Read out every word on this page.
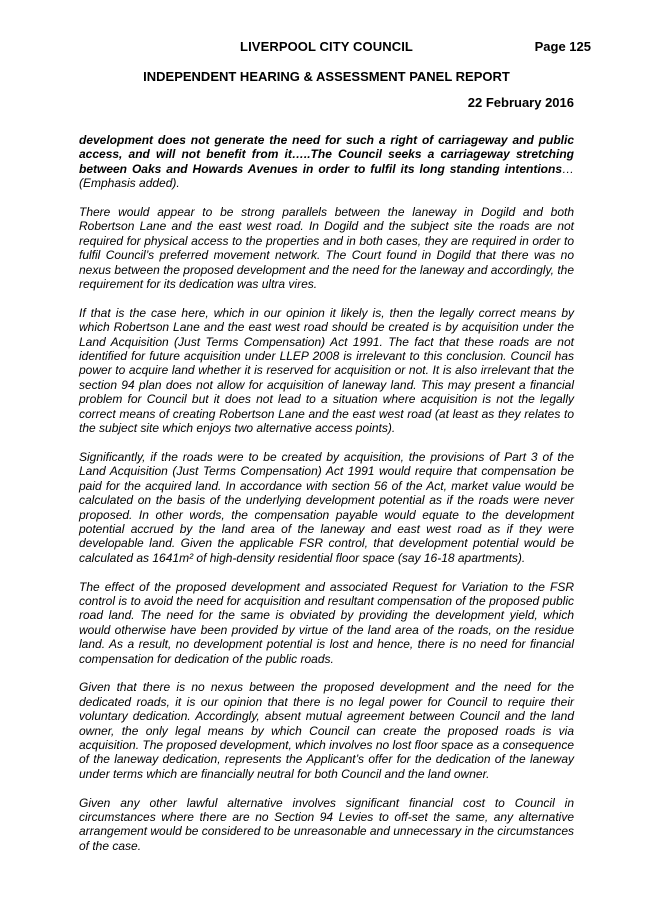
LIVERPOOL CITY COUNCIL	Page 125
INDEPENDENT HEARING & ASSESSMENT PANEL REPORT
22 February 2016

development does not generate the need for such a right of carriageway and public access, and will not benefit from it…..The Council seeks a carriageway stretching between Oaks and Howards Avenues in order to fulfil its long standing intentions… (Emphasis added).

There would appear to be strong parallels between the laneway in Dogild and both Robertson Lane and the east west road. In Dogild and the subject site the roads are not required for physical access to the properties and in both cases, they are required in order to fulfil Council’s preferred movement network. The Court found in Dogild that there was no nexus between the proposed development and the need for the laneway and accordingly, the requirement for its dedication was ultra vires.

If that is the case here, which in our opinion it likely is, then the legally correct means by which Robertson Lane and the east west road should be created is by acquisition under the Land Acquisition (Just Terms Compensation) Act 1991. The fact that these roads are not identified for future acquisition under LLEP 2008 is irrelevant to this conclusion. Council has power to acquire land whether it is reserved for acquisition or not. It is also irrelevant that the section 94 plan does not allow for acquisition of laneway land. This may present a financial problem for Council but it does not lead to a situation where acquisition is not the legally correct means of creating Robertson Lane and the east west road (at least as they relates to the subject site which enjoys two alternative access points).

Significantly, if the roads were to be created by acquisition, the provisions of Part 3 of the Land Acquisition (Just Terms Compensation) Act 1991 would require that compensation be paid for the acquired land. In accordance with section 56 of the Act, market value would be calculated on the basis of the underlying development potential as if the roads were never proposed. In other words, the compensation payable would equate to the development potential accrued by the land area of the laneway and east west road as if they were developable land. Given the applicable FSR control, that development potential would be calculated as 1641m² of high-density residential floor space (say 16-18 apartments).

The effect of the proposed development and associated Request for Variation to the FSR control is to avoid the need for acquisition and resultant compensation of the proposed public road land. The need for the same is obviated by providing the development yield, which would otherwise have been provided by virtue of the land area of the roads, on the residue land. As a result, no development potential is lost and hence, there is no need for financial compensation for dedication of the public roads.

Given that there is no nexus between the proposed development and the need for the dedicated roads, it is our opinion that there is no legal power for Council to require their voluntary dedication. Accordingly, absent mutual agreement between Council and the land owner, the only legal means by which Council can create the proposed roads is via acquisition. The proposed development, which involves no lost floor space as a consequence of the laneway dedication, represents the Applicant’s offer for the dedication of the laneway under terms which are financially neutral for both Council and the land owner.

Given any other lawful alternative involves significant financial cost to Council in circumstances where there are no Section 94 Levies to off-set the same, any alternative arrangement would be considered to be unreasonable and unnecessary in the circumstances of the case.
